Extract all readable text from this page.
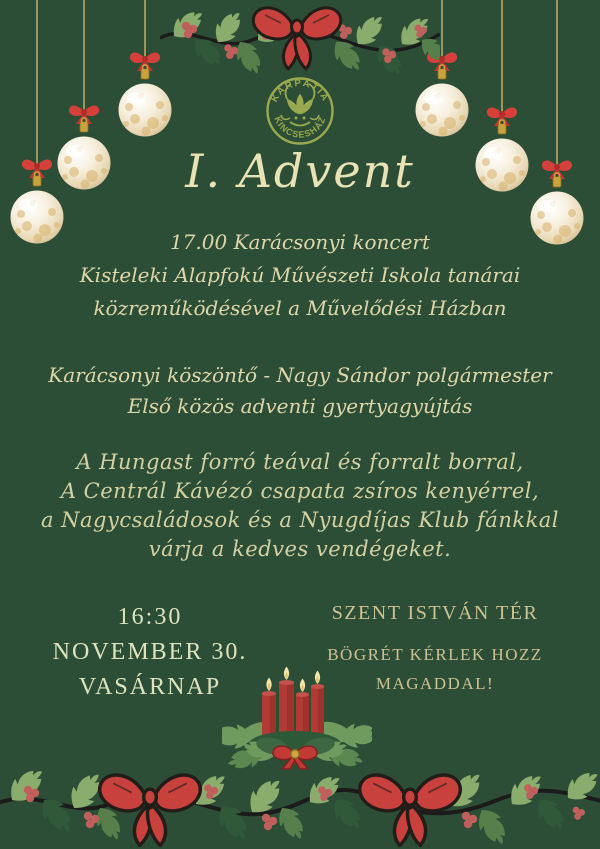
KÁRPÁTIA
KINCSESHÁZ
I. Advent
17.00 Karácsonyi koncert
Kisteleki Alapfokú Művészeti Iskola tanárai
közreműködésével a Művelődési Házban
Karácsonyi köszöntő - Nagy Sándor polgármester
Első közös adventi gyertyagyújtás
A Hungast forró teával és forralt borral,
A Centrál Kávézó csapata zsíros kenyérrel,
a Nagycsaládosok és a Nyugdíjas Klub fánkkal
várja a kedves vendégeket.
16:30
NOVEMBER 30.
VASÁRNAP
SZENT ISTVÁN TÉR
BÖGRÉT KÉRLEK HOZZ
MAGADDAL!
